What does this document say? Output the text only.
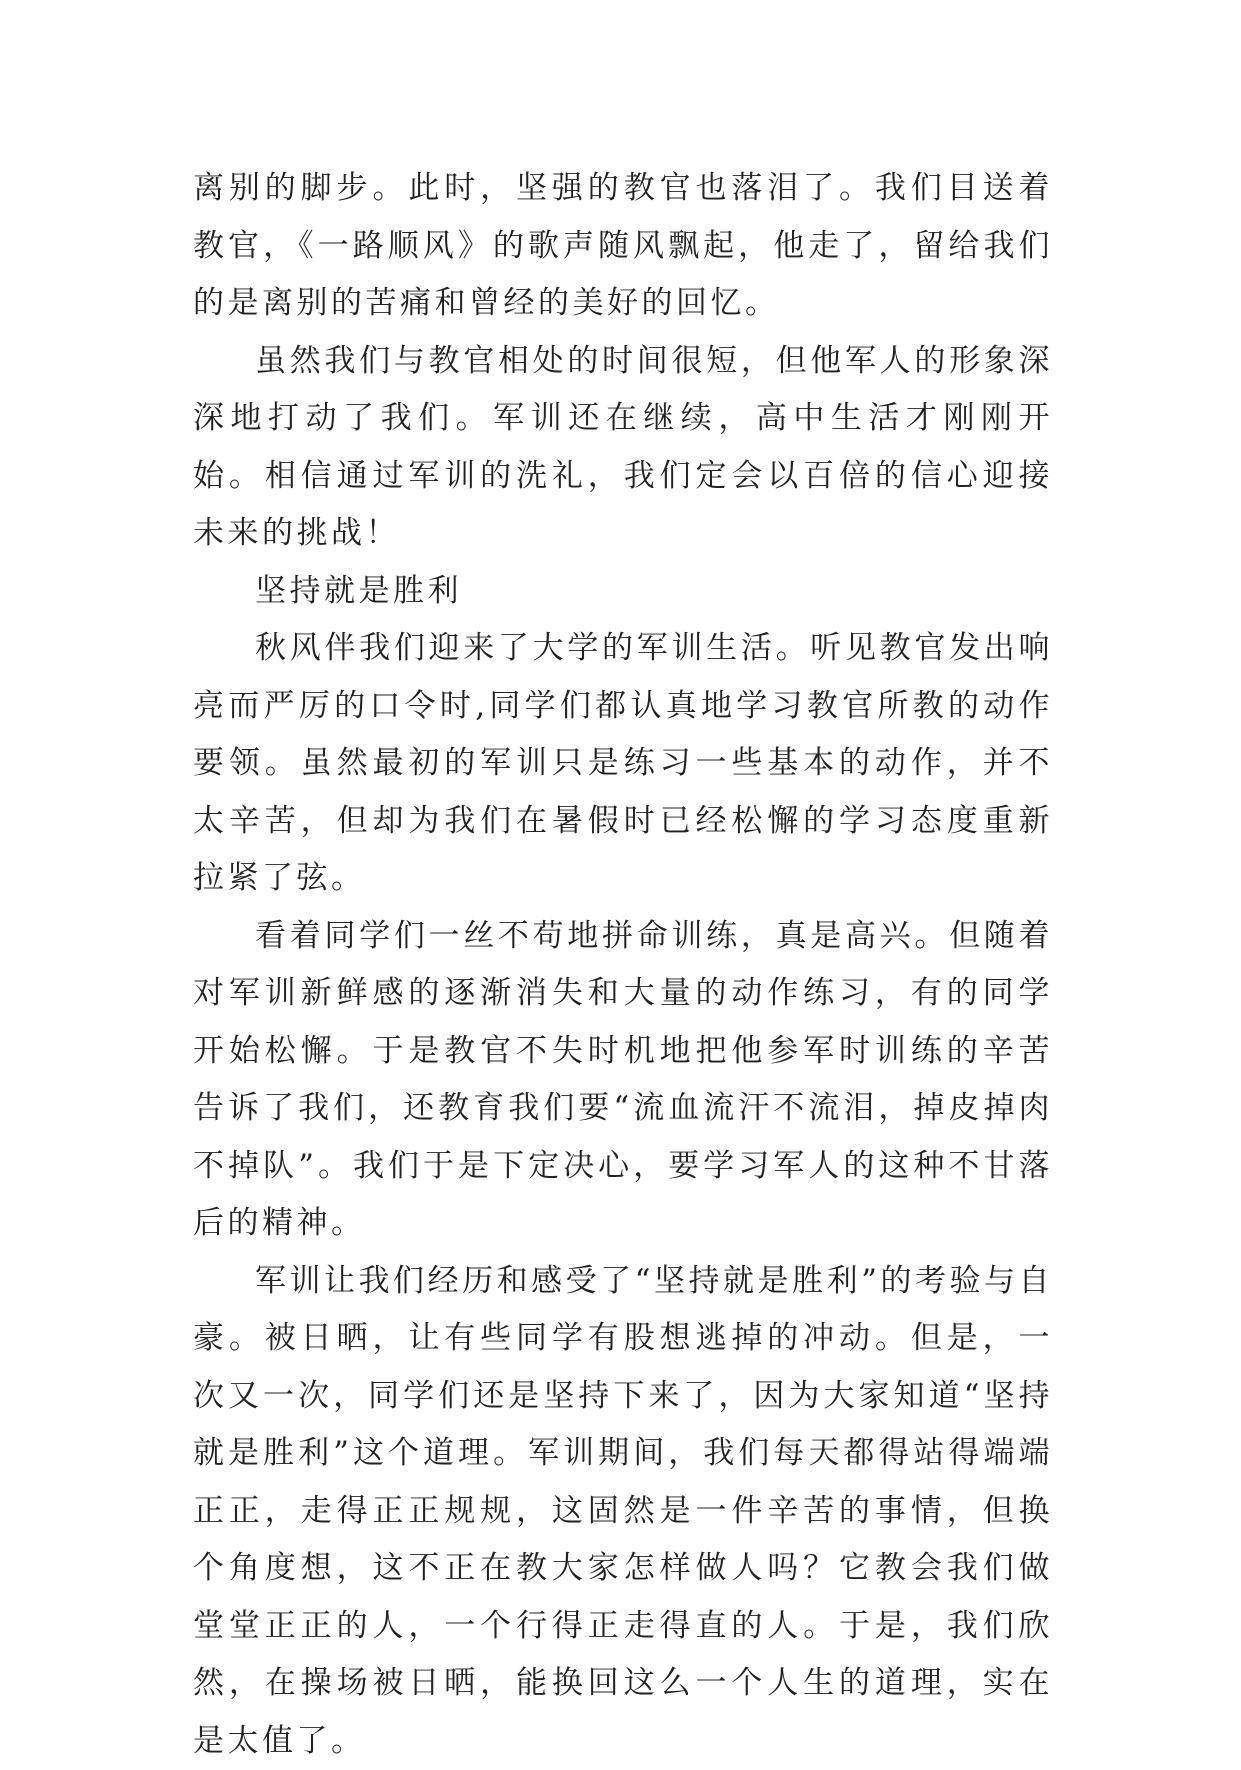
离别的脚步。此时，坚强的教官也落泪了。我们目送着教官，《一路顺风》的歌声随风飘起，他走了，留给我们的是离别的苦痛和曾经的美好的回忆。

虽然我们与教官相处的时间很短，但他军人的形象深深地打动了我们。军训还在继续，高中生活才刚刚开始。相信通过军训的洗礼，我们定会以百倍的信心迎接未来的挑战！

坚持就是胜利

秋风伴我们迎来了大学的军训生活。听见教官发出响亮而严厉的口令时,同学们都认真地学习教官所教的动作要领。虽然最初的军训只是练习一些基本的动作，并不太辛苦，但却为我们在暑假时已经松懈的学习态度重新拉紧了弦。

看着同学们一丝不苟地拼命训练，真是高兴。但随着对军训新鲜感的逐渐消失和大量的动作练习，有的同学开始松懈。于是教官不失时机地把他参军时训练的辛苦告诉了我们，还教育我们要“流血流汗不流泪，掉皮掉肉不掉队”。我们于是下定决心，要学习军人的这种不甘落后的精神。

军训让我们经历和感受了“坚持就是胜利”的考验与自豪。被日晒，让有些同学有股想逃掉的冲动。但是，一次又一次，同学们还是坚持下来了，因为大家知道“坚持就是胜利”这个道理。军训期间，我们每天都得站得端端正正，走得正正规规，这固然是一件辛苦的事情，但换个角度想，这不正在教大家怎样做人吗？它教会我们做堂堂正正的人，一个行得正走得直的人。于是，我们欣然，在操场被日晒，能换回这么一个人生的道理，实在是太值了。
